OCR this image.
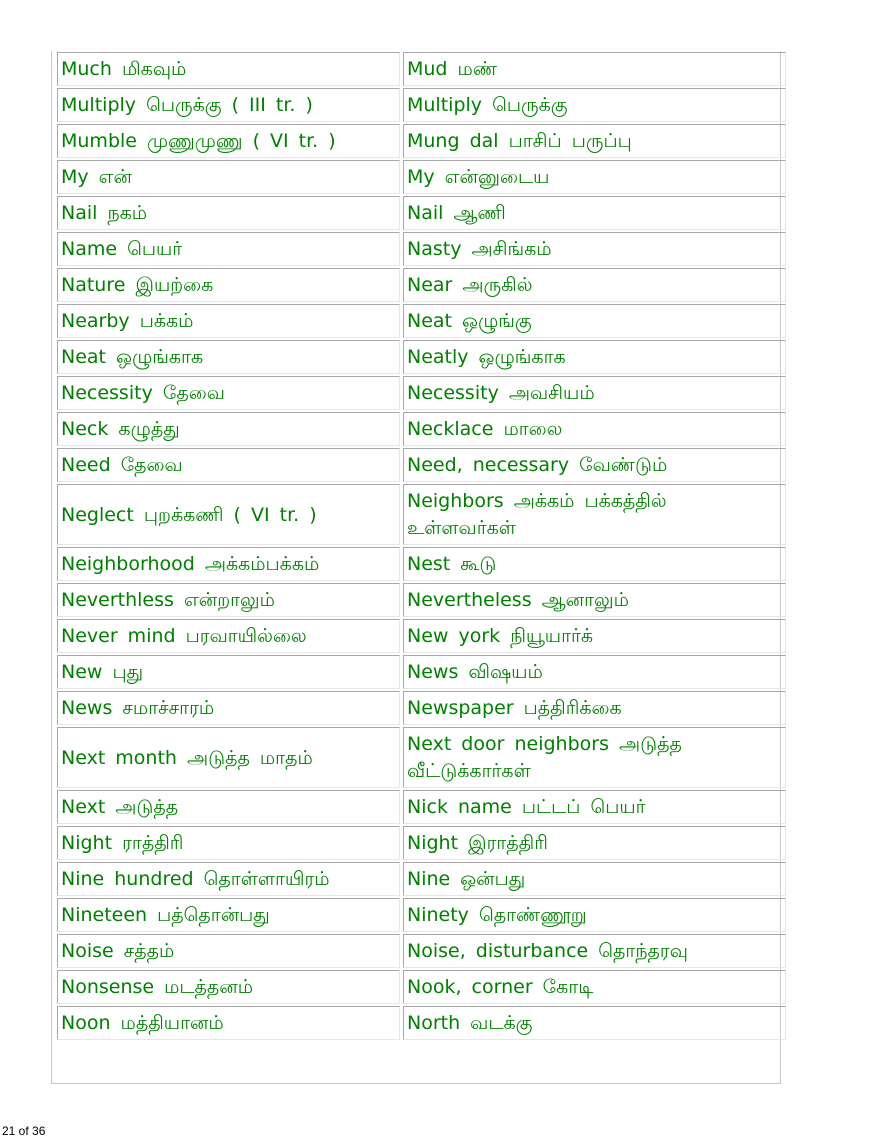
Much மிகவும்	Mud மண்
Multiply பெருக்கு ( III tr. )	Multiply பெருக்கு
Mumble முணுமுணு ( VI tr. )	Mung dal பாசிப் பருப்பு
My என்	My என்னுடைய
Nail நகம்	Nail ஆணி
Name பெயர்	Nasty அசிங்கம்
Nature இயற்கை	Near அருகில்
Nearby பக்கம்	Neat ஒழுங்கு
Neat ஒழுங்காக	Neatly ஒழுங்காக
Necessity தேவை	Necessity அவசியம்
Neck கழுத்து	Necklace மாலை
Need தேவை	Need, necessary வேண்டும்
Neglect புறக்கணி ( VI tr. )	Neighbors அக்கம் பக்கத்தில் உள்ளவர்கள்
Neighborhood அக்கம்பக்கம்	Nest கூடு
Neverthless என்றாலும்	Nevertheless ஆனாலும்
Never mind பரவாயில்லை	New york நியூயார்க்
New புது	News விஷயம்
News சமாச்சாரம்	Newspaper பத்திரிக்கை
Next month அடுத்த மாதம்	Next door neighbors அடுத்த வீட்டுக்கார்கள்
Next அடுத்த	Nick name பட்டப் பெயர்
Night ராத்திரி	Night இராத்திரி
Nine hundred தொள்ளாயிரம்	Nine ஒன்பது
Nineteen பத்தொன்பது	Ninety தொண்ணூறு
Noise சத்தம்	Noise, disturbance தொந்தரவு
Nonsense மடத்தனம்	Nook, corner கோடி
Noon மத்தியானம்	North வடக்கு
21 of 36
